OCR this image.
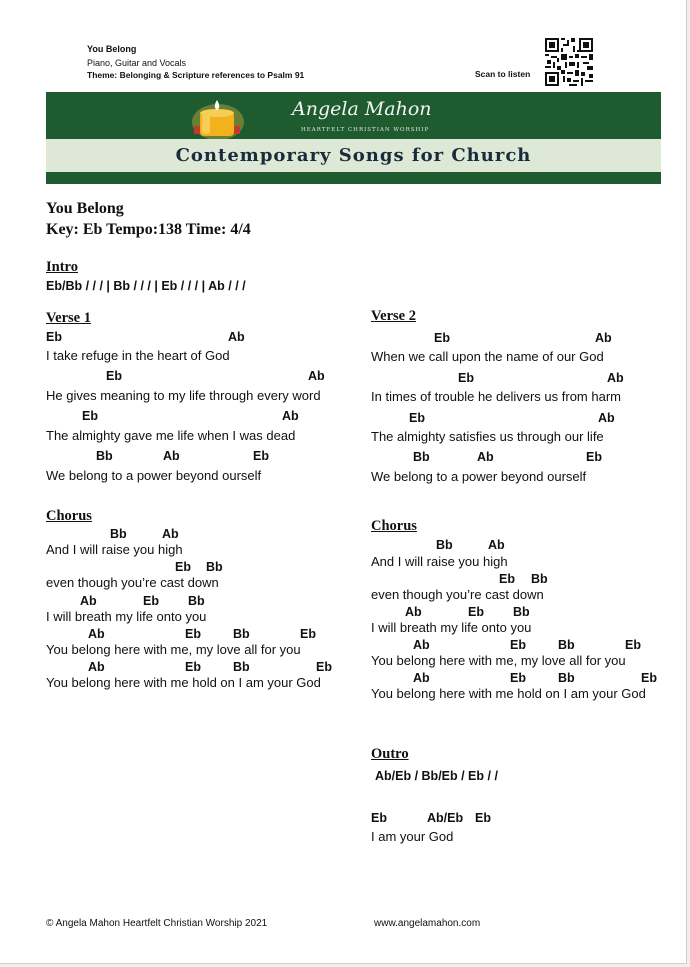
You Belong
Piano, Guitar and Vocals
Theme: Belonging & Scripture references to Psalm 91	Scan to listen
Angela Mahon
HEARTFELT CHRISTIAN WORSHIP
Contemporary Songs for Church
You Belong
Key: Eb Tempo:138 Time: 4/4
Intro
Eb/Bb / / / | Bb / / / | Eb / / / | Ab / / /
Verse 1
Eb	Ab
I take refuge in the heart of God
Eb	Ab
He gives meaning to my life through every word
Eb	Ab
The almighty gave me life when I was dead
Bb	Ab	Eb
We belong to a power beyond ourself
Chorus
Bb	Ab
And I will raise you high
Eb Bb
even though you’re cast down
Ab	Eb Bb
I will breath my life onto you
Ab	Eb	Bb	Eb
You belong here with me, my love all for you
Ab	Eb	Bb	Eb
You belong here with me hold on I am your God
Verse 2
Eb	Ab
When we call upon the name of our God
Eb	Ab
In times of trouble he delivers us from harm
Eb	Ab
The almighty satisfies us through our life
Bb	Ab	Eb
We belong to a power beyond ourself
Chorus
Bb	Ab
And I will raise you high
Eb Bb
even though you’re cast down
Ab	Eb Bb
I will breath my life onto you
Ab	Eb	Bb	Eb
You belong here with me, my love all for you
Ab	Eb	Bb	Eb
You belong here with me hold on I am your God
Outro
Ab/Eb / Bb/Eb / Eb / /
Eb	Ab/Eb Eb
I am your God
© Angela Mahon Heartfelt Christian Worship 2021	www.angelamahon.com
